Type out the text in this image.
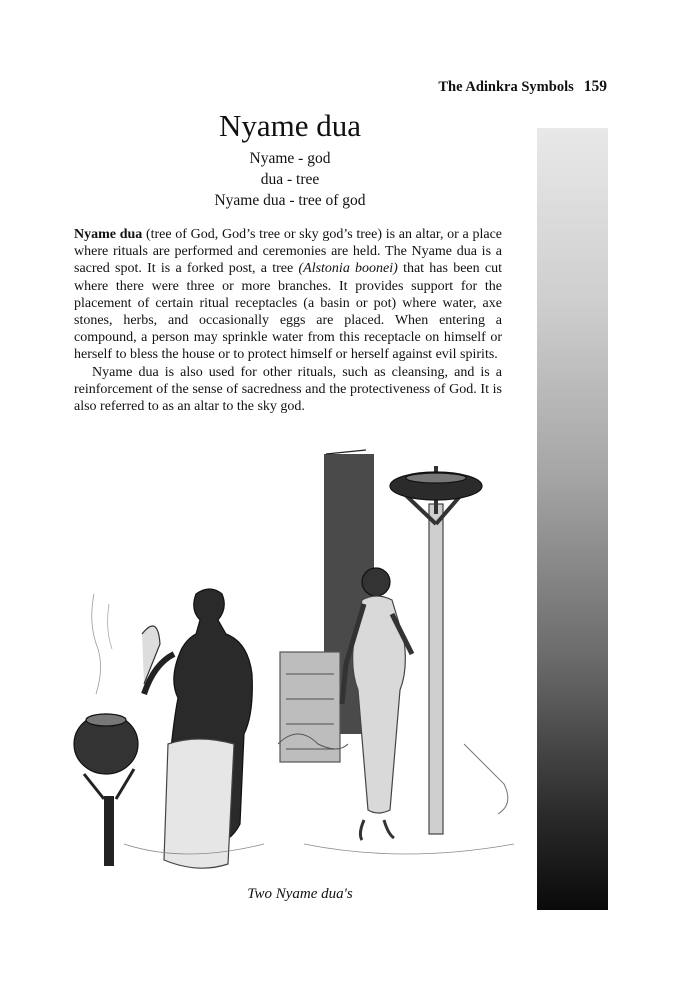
The Adinkra Symbols 159
Nyame dua
Nyame - god
dua - tree
Nyame dua - tree of god

Nyame dua (tree of God, God’s tree or sky god’s tree) is an altar, or a place where rituals are performed and ceremonies are held. The Nyame dua is a sacred spot. It is a forked post, a tree (Alstonia boonei) that has been cut where there were three or more branches. It provides support for the placement of certain ritual receptacles (a basin or pot) where water, axe stones, herbs, and occasionally eggs are placed. When entering a compound, a person may sprinkle water from this receptacle on himself or herself to bless the house or to protect himself or herself against evil spirits.

Nyame dua is also used for other rituals, such as cleansing, and is a reinforcement of the sense of sacredness and the protectiveness of God. It is also referred to as an altar to the sky god.

Two Nyame dua's
